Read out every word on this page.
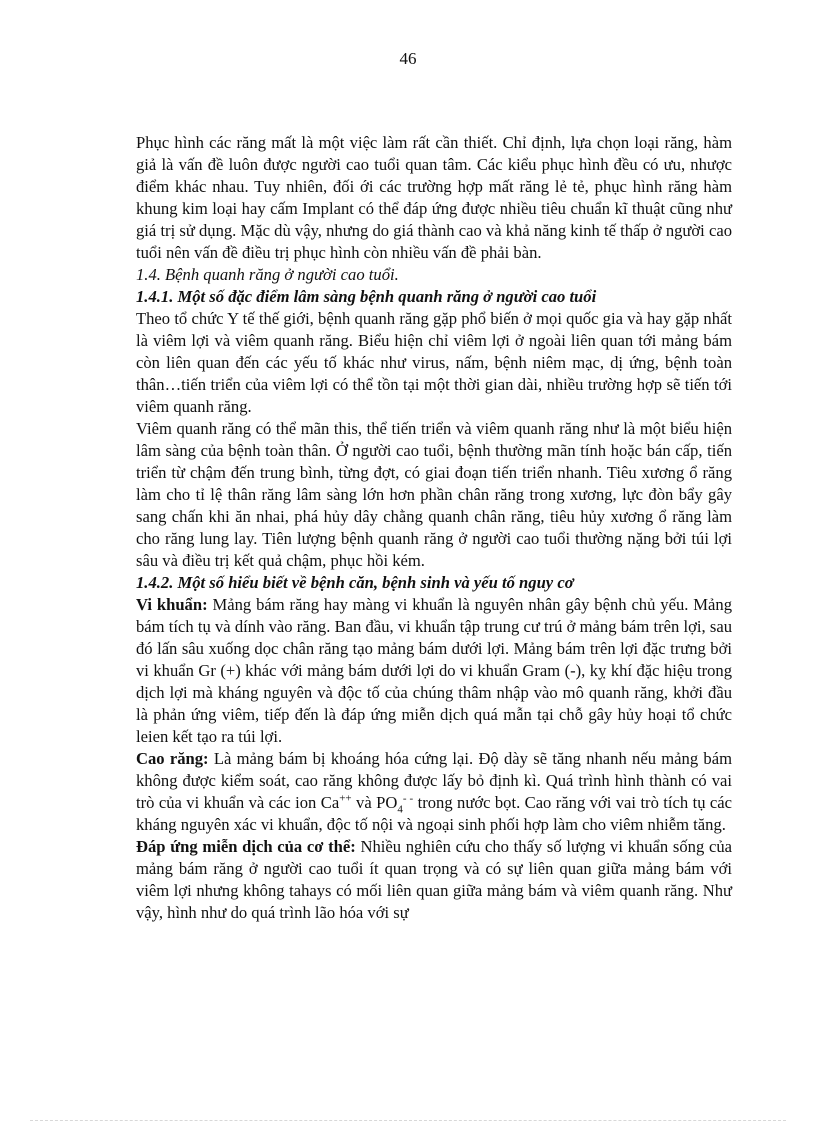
46

Phục hình các răng mất là một việc làm rất cần thiết. Chỉ định, lựa chọn loại răng, hàm giả là vấn đề luôn được người cao tuổi quan tâm. Các kiểu phục hình đều có ưu, nhược điểm khác nhau. Tuy nhiên, đối ới các trường hợp mất răng lẻ tẻ, phục hình răng hàm khung kim loại hay cấm Implant có thể đáp ứng được nhiều tiêu chuẩn kĩ thuật cũng như giá trị sử dụng. Mặc dù vậy, nhưng do giá thành cao và khả năng kinh tế thấp ở người cao tuổi nên vấn đề điều trị phục hình còn nhiều vấn đề phải bàn.

1.4. Bệnh quanh răng ở người cao tuổi.

1.4.1. Một số đặc điểm lâm sàng bệnh quanh răng ở người cao tuổi

Theo tổ chức Y tế thế giới, bệnh quanh răng gặp phổ biến ở mọi quốc gia và hay gặp nhất là viêm lợi và viêm quanh răng. Biểu hiện chỉ viêm lợi ở ngoài liên quan tới mảng bám còn liên quan đến các yếu tố khác như virus, nấm, bệnh niêm mạc, dị ứng, bệnh toàn thân…tiến triển của viêm lợi có thể tồn tại một thời gian dài, nhiều trường hợp sẽ tiến tới viêm quanh răng.

Viêm quanh răng có thể mãn this, thể tiến triển và viêm quanh răng như là một biểu hiện lâm sàng của bệnh toàn thân. Ở người cao tuổi, bệnh thường mãn tính hoặc bán cấp, tiến triển từ chậm đến trung bình, từng đợt, có giai đoạn tiến triển nhanh. Tiêu xương ổ răng làm cho tỉ lệ thân răng lâm sàng lớn hơn phần chân răng trong xương, lực đòn bẩy gây sang chấn khi ăn nhai, phá hủy dây chằng quanh chân răng, tiêu hủy xương ổ răng làm cho răng lung lay. Tiên lượng bệnh quanh răng ở người cao tuổi thường nặng bởi túi lợi sâu và điều trị kết quả chậm, phục hồi kém.

1.4.2. Một số hiểu biết về bệnh căn, bệnh sinh và yếu tố nguy cơ

Vi khuẩn: Mảng bám răng hay màng vi khuẩn là nguyên nhân gây bệnh chủ yếu. Mảng bám tích tụ và dính vào răng. Ban đầu, vi khuẩn tập trung cư trú ở mảng bám trên lợi, sau đó lấn sâu xuống dọc chân răng tạo mảng bám dưới lợi. Mảng bám trên lợi đặc trưng bởi vi khuẩn Gr (+) khác với mảng bám dưới lợi do vi khuẩn Gram (-), kỵ khí đặc hiệu trong dịch lợi mà kháng nguyên và độc tố của chúng thâm nhập vào mô quanh răng, khởi đầu là phản ứng viêm, tiếp đến là đáp ứng miễn dịch quá mẫn tại chỗ gây hủy hoại tổ chức leien kết tạo ra túi lợi.

Cao răng: Là mảng bám bị khoáng hóa cứng lại. Độ dày sẽ tăng nhanh nếu mảng bám không được kiểm soát, cao răng không được lấy bỏ định kì. Quá trình hình thành có vai trò của vi khuẩn và các ion Ca++ và $PO_4^{- -}$ trong nước bọt. Cao răng với vai trò tích tụ các kháng nguyên xác vi khuẩn, độc tố nội và ngoại sinh phối hợp làm cho viêm nhiễm tăng.

Đáp ứng miễn dịch của cơ thể: Nhiều nghiên cứu cho thấy số lượng vi khuẩn sống của mảng bám răng ở người cao tuổi ít quan trọng và có sự liên quan giữa mảng bám với viêm lợi nhưng không tahays có mối liên quan giữa mảng bám và viêm quanh răng. Như vậy, hình như do quá trình lão hóa với sự
